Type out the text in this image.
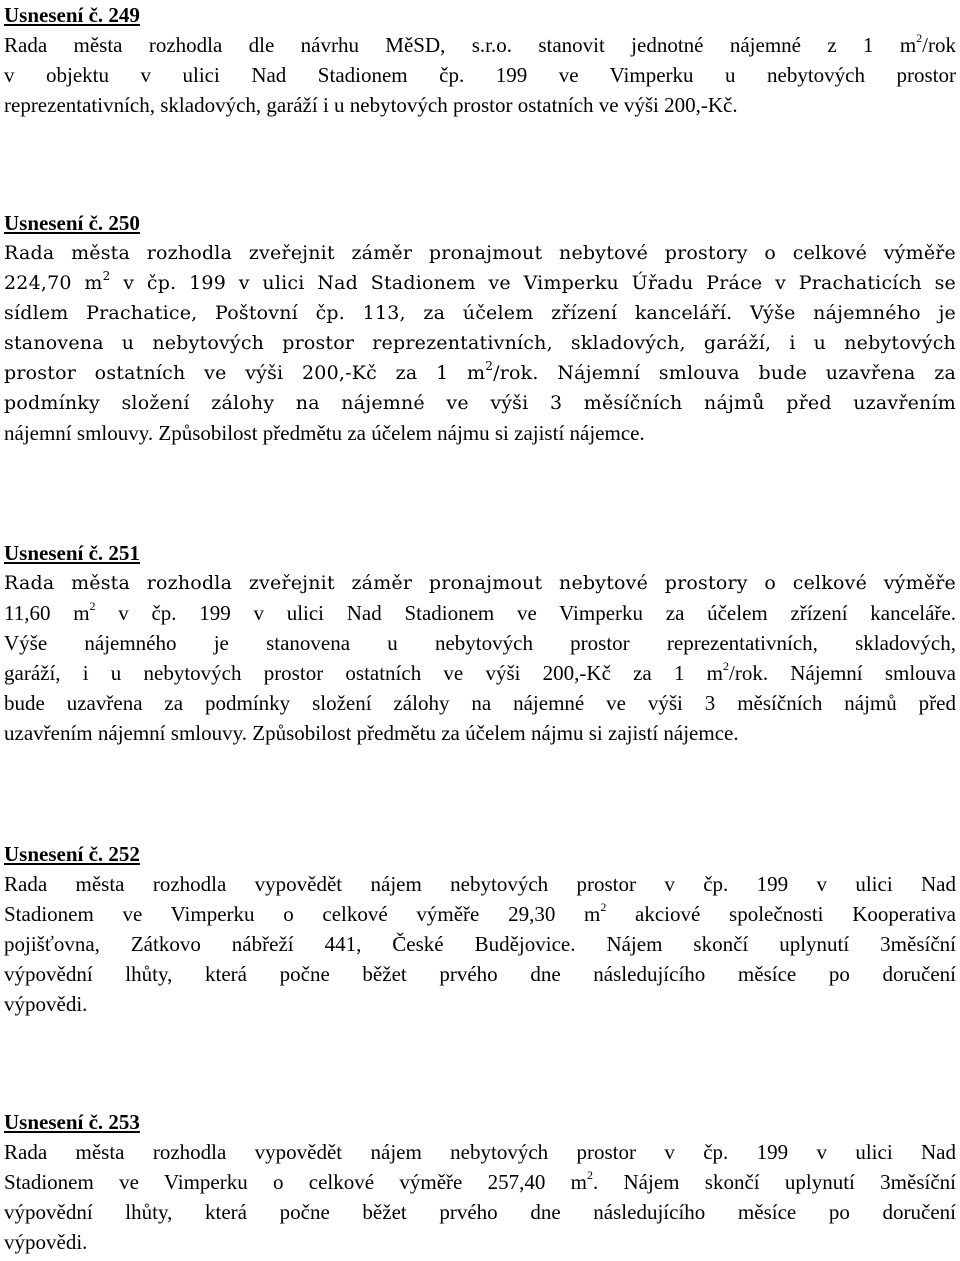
Usnesení č. 249

Rada města rozhodla dle návrhu MěSD, s.r.o. stanovit jednotné nájemné z 1 $m^2$/rok
v objektu v ulici Nad Stadionem čp. 199 ve Vimperku u nebytových prostor
reprezentativních, skladových, garáží i u nebytových prostor ostatních ve výši 200,-Kč.

Usnesení č. 250

Rada města rozhodla zveřejnit záměr pronajmout nebytové prostory o celkové výměře
224,70 $m^2$ v čp. 199 v ulici Nad Stadionem ve Vimperku Úřadu Práce v Prachaticích se
sídlem Prachatice, Poštovní čp. 113, za účelem zřízení kanceláří. Výše nájemného je
stanovena u nebytových prostor reprezentativních, skladových, garáží, i u nebytových
prostor ostatních ve výši 200,-Kč za 1 $m^2$/rok. Nájemní smlouva bude uzavřena za
podmínky složení zálohy na nájemné ve výši 3 měsíčních nájmů před uzavřením
nájemní smlouvy. Způsobilost předmětu za účelem nájmu si zajistí nájemce.

Usnesení č. 251

Rada města rozhodla zveřejnit záměr pronajmout nebytové prostory o celkové výměře
11,60 $m^2$ v čp. 199 v ulici Nad Stadionem ve Vimperku za účelem zřízení kanceláře.
Výše nájemného je stanovena u nebytových prostor reprezentativních, skladových,
garáží, i u nebytových prostor ostatních ve výši 200,-Kč za 1 $m^2$/rok. Nájemní smlouva
bude uzavřena za podmínky složení zálohy na nájemné ve výši 3 měsíčních nájmů před
uzavřením nájemní smlouvy. Způsobilost předmětu za účelem nájmu si zajistí nájemce.

Usnesení č. 252

Rada města rozhodla vypovědět nájem nebytových prostor v čp. 199 v ulici Nad
Stadionem ve Vimperku o celkové výměře 29,30 $m^2$ akciové společnosti Kooperativa
pojišťovna, Zátkovo nábřeží 441, České Budějovice. Nájem skončí uplynutí 3měsíční
výpovědní lhůty, která počne běžet prvého dne následujícího měsíce po doručení
výpovědi.

Usnesení č. 253

Rada města rozhodla vypovědět nájem nebytových prostor v čp. 199 v ulici Nad
Stadionem ve Vimperku o celkové výměře 257,40 $m^2$. Nájem skončí uplynutí 3měsíční
výpovědní lhůty, která počne běžet prvého dne následujícího měsíce po doručení
výpovědi.
